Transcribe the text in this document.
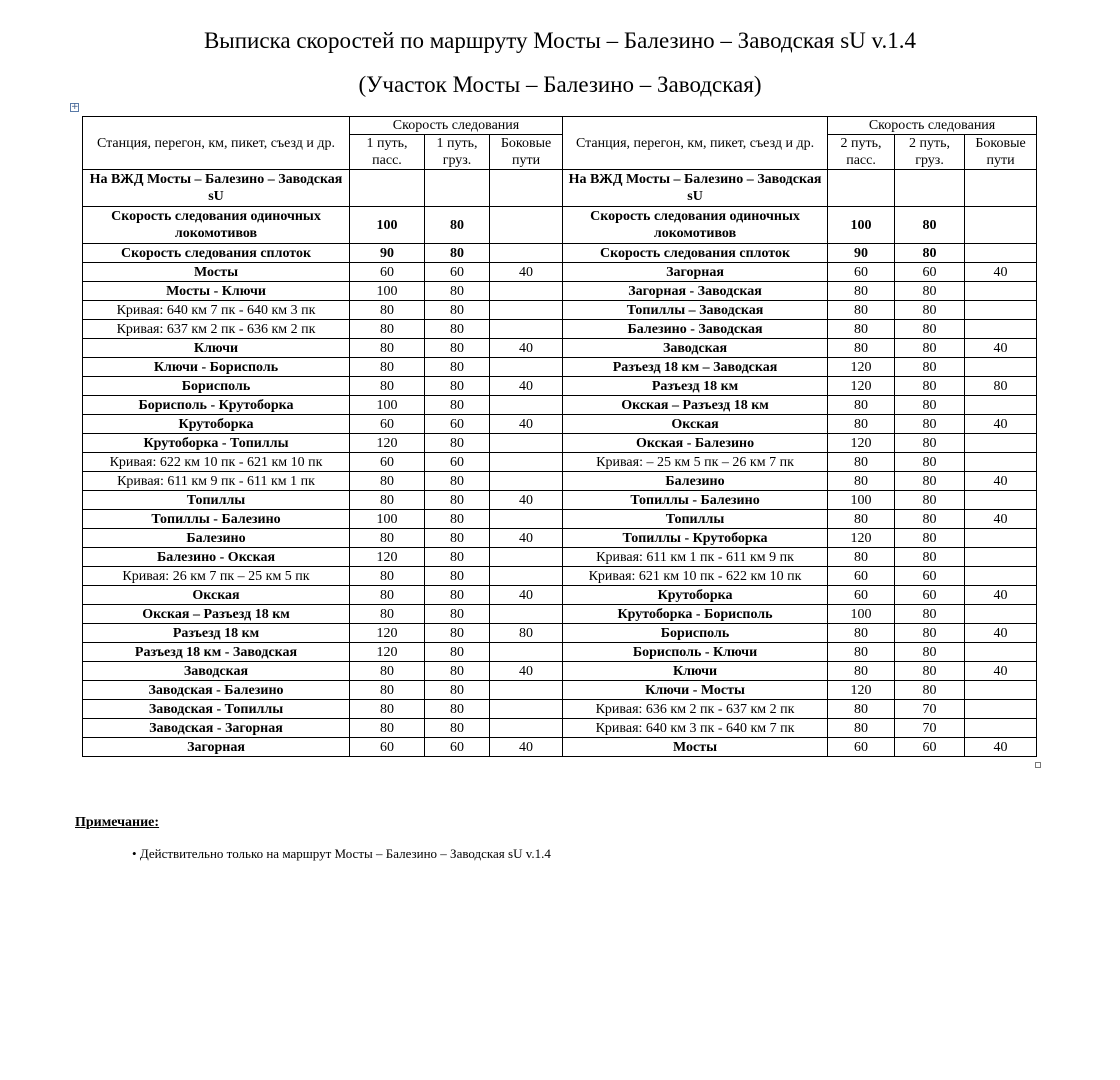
Выписка скоростей по маршруту Мосты – Балезино – Заводская sU v.1.4
(Участок Мосты – Балезино – Заводская)
+
Станция, перегон, км, пикет, съезд и др.	Скорость следования			Станция, перегон, км, пикет, съезд и др.	Скорость следования		
	1 путь, пасс.	1 путь, груз.	Боковые пути		2 путь, пасс.	2 путь, груз.	Боковые пути
На ВЖД Мосты – Балезино – Заводская sU				На ВЖД Мосты – Балезино – Заводская sU			
Скорость следования одиночных локомотивов	100	80		Скорость следования одиночных локомотивов	100	80	
Скорость следования сплоток	90	80		Скорость следования сплоток	90	80	
Мосты	60	60	40	Загорная	60	60	40
Мосты - Ключи	100	80		Загорная - Заводская	80	80	
Кривая: 640 км 7 пк - 640 км 3 пк	80	80		Топиллы – Заводская	80	80	
Кривая: 637 км 2 пк - 636 км 2 пк	80	80		Балезино - Заводская	80	80	
Ключи	80	80	40	Заводская	80	80	40
Ключи - Борисполь	80	80		Разъезд 18 км – Заводская	120	80	
Борисполь	80	80	40	Разъезд 18 км	120	80	80
Борисполь - Крутоборка	100	80		Окская – Разъезд 18 км	80	80	
Крутоборка	60	60	40	Окская	80	80	40
Крутоборка - Топиллы	120	80		Окская - Балезино	120	80	
Кривая: 622 км 10 пк - 621 км 10 пк	60	60		Кривая: – 25 км 5 пк – 26 км 7 пк	80	80	
Кривая: 611 км 9 пк - 611 км 1 пк	80	80		Балезино	80	80	40
Топиллы	80	80	40	Топиллы - Балезино	100	80	
Топиллы - Балезино	100	80		Топиллы	80	80	40
Балезино	80	80	40	Топиллы - Крутоборка	120	80	
Балезино - Окская	120	80		Кривая: 611 км 1 пк - 611 км 9 пк	80	80	
Кривая: 26 км 7 пк – 25 км 5 пк	80	80		Кривая: 621 км 10 пк - 622 км 10 пк	60	60	
Окская	80	80	40	Крутоборка	60	60	40
Окская – Разъезд 18 км	80	80		Крутоборка - Борисполь	100	80	
Разъезд 18 км	120	80	80	Борисполь	80	80	40
Разъезд 18 км - Заводская	120	80		Борисполь - Ключи	80	80	
Заводская	80	80	40	Ключи	80	80	40
Заводская - Балезино	80	80		Ключи - Мосты	120	80	
Заводская - Топиллы	80	80		Кривая: 636 км 2 пк - 637 км 2 пк	80	70	
Заводская - Загорная	80	80		Кривая: 640 км 3 пк - 640 км 7 пк	80	70	
Загорная	60	60	40	Мосты	60	60	40
Примечание:
• Действительно только на маршрут Мосты – Балезино – Заводская sU v.1.4
